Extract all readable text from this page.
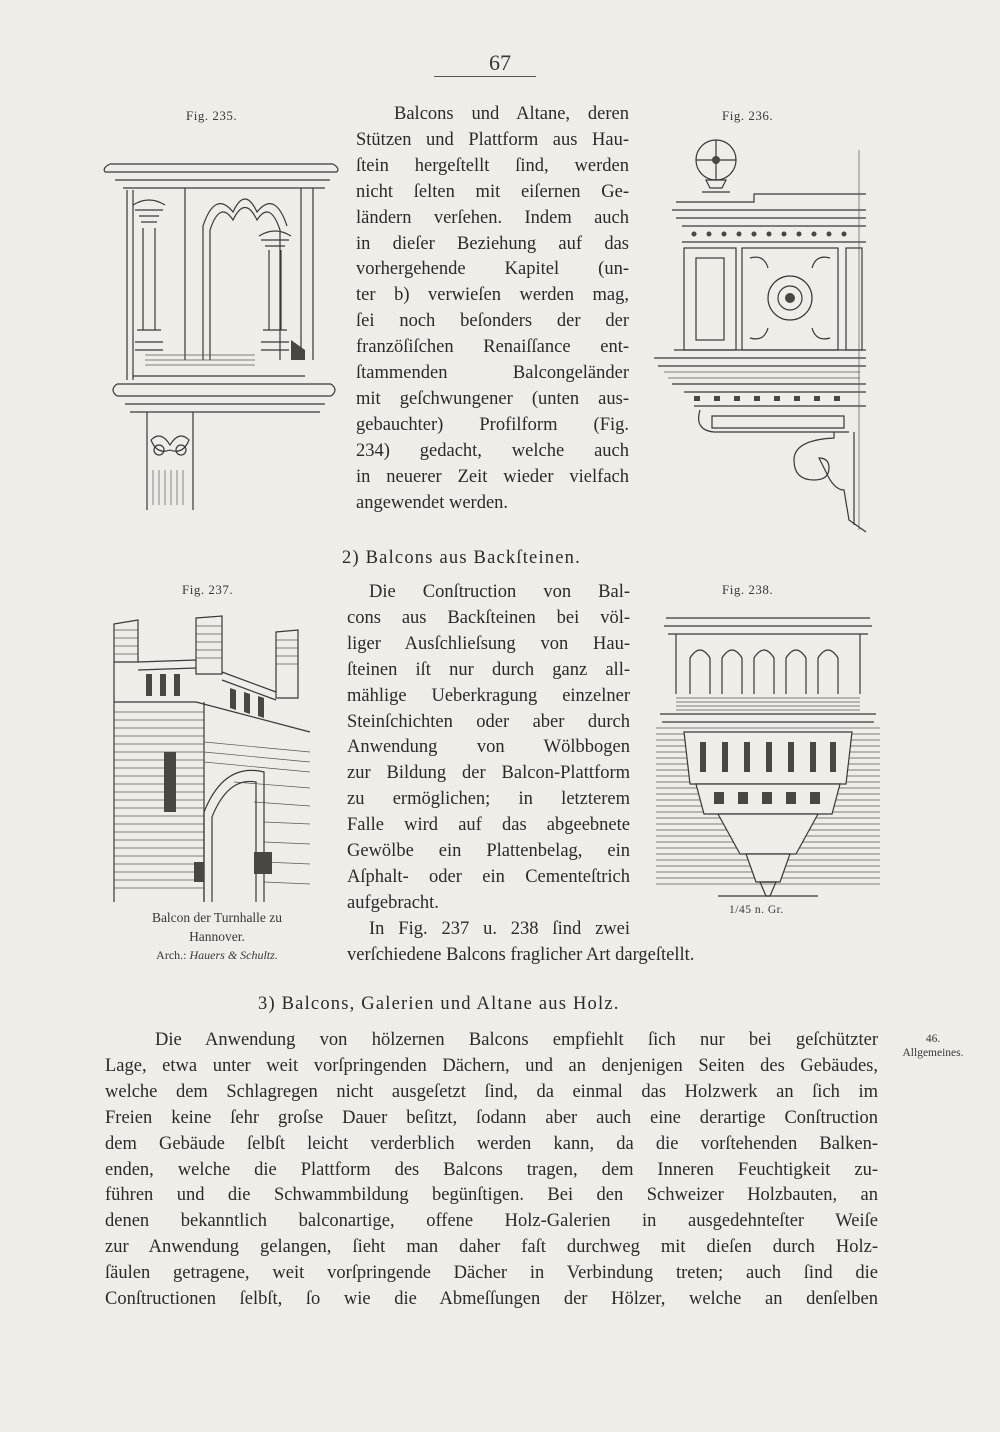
67
Fig. 235.	Balcons und Altane, deren
Stützen und Plattform aus Hau-
ſtein hergeſtellt ſind, werden
nicht ſelten mit eiſernen Ge-
ländern verſehen. Indem auch
in dieſer Beziehung auf das
vorhergehende Kapitel (un-
ter b) verwieſen werden mag,
ſei noch beſonders der der
franzöſiſchen Renaiſſance ent-
ſtammenden Balcongeländer
mit geſchwungener (unten aus-
gebauchter) Profilform (Fig.
234) gedacht, welche auch
in neuerer Zeit wieder vielfach
angewendet werden.
Fig. 236.
2) Balcons aus Backſteinen.
Fig. 237.
Balcon der Turnhalle zu
Hannover.
Arch.: Hauers & Schultz.
Die Conſtruction von Bal-
cons aus Backſteinen bei völ-
liger Ausſchlieſsung von Hau-
ſteinen iſt nur durch ganz all-
mählige Ueberkragung einzelner
Steinſchichten oder aber durch
Anwendung von Wölbbogen
zur Bildung der Balcon-Plattform
zu ermöglichen; in letzterem
Falle wird auf das abgeebnete
Gewölbe ein Plattenbelag, ein
Aſphalt- oder ein Cementeſtrich
aufgebracht.
In Fig. 237 u. 238 ſind zwei
verſchiedene Balcons fraglicher Art dargeſtellt.
Fig. 238.
1/45 n. Gr.
3) Balcons, Galerien und Altane aus Holz.
46.
Allgemeines.
Die Anwendung von hölzernen Balcons empfiehlt ſich nur bei geſchützter
Lage, etwa unter weit vorſpringenden Dächern, und an denjenigen Seiten des Gebäudes,
welche dem Schlagregen nicht ausgeſetzt ſind, da einmal das Holzwerk an ſich im
Freien keine ſehr groſse Dauer beſitzt, ſodann aber auch eine derartige Conſtruction
dem Gebäude ſelbſt leicht verderblich werden kann, da die vorſtehenden Balken-
enden, welche die Plattform des Balcons tragen, dem Inneren Feuchtigkeit zu-
führen und die Schwammbildung begünſtigen. Bei den Schweizer Holzbauten, an
denen bekanntlich balconartige, offene Holz-Galerien in ausgedehnteſter Weiſe
zur Anwendung gelangen, ſieht man daher faſt durchweg mit dieſen durch Holz-
ſäulen getragene, weit vorſpringende Dächer in Verbindung treten; auch ſind die
Conſtructionen ſelbſt, ſo wie die Abmeſſungen der Hölzer, welche an denſelben
